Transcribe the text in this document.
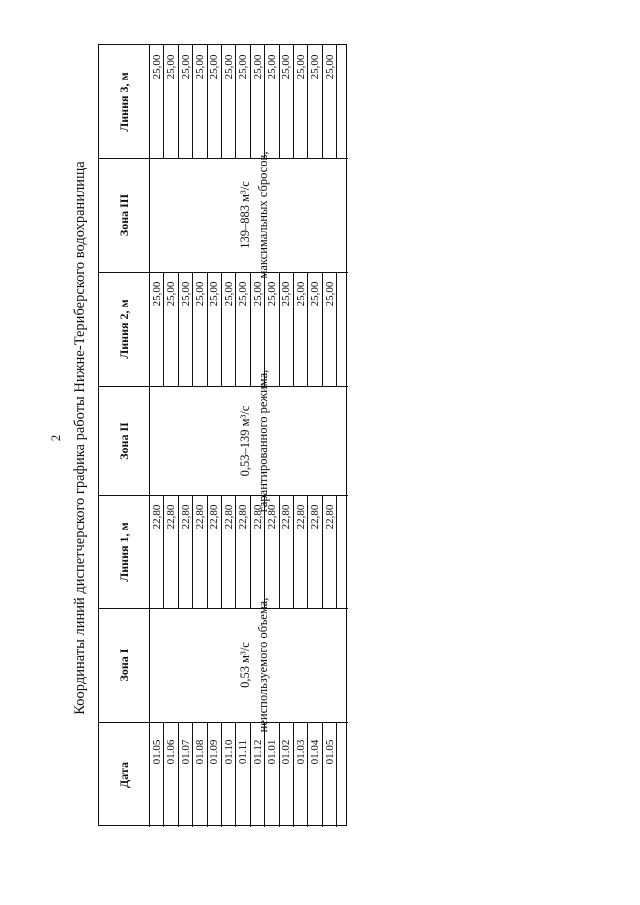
2 Координаты линий диспетчерского графика работы Нижне-Териберского водохранилища
Линия 3, м
Зона III
Линия 2, м
Зона II
Линия 1, м
Зона I
Дата
максимальных сбросов,
139–883 м³/с
гарантированного режима,
0,53–139 м³/с
неиспользуемого объема,
0,53 м³/с
25,00
25,00
22,80
01.05
25,00
25,00
22,80
01.06
25,00
25,00
22,80
01.07
25,00
25,00
22,80
01.08
25,00
25,00
22,80
01.09
25,00
25,00
22,80
01.10
25,00
25,00
22,80
01.11
25,00
25,00
22,80
01.12
25,00
25,00
22,80
01.01
25,00
25,00
22,80
01.02
25,00
25,00
22,80
01.03
25,00
25,00
22,80
01.04
25,00
25,00
22,80
01.05
